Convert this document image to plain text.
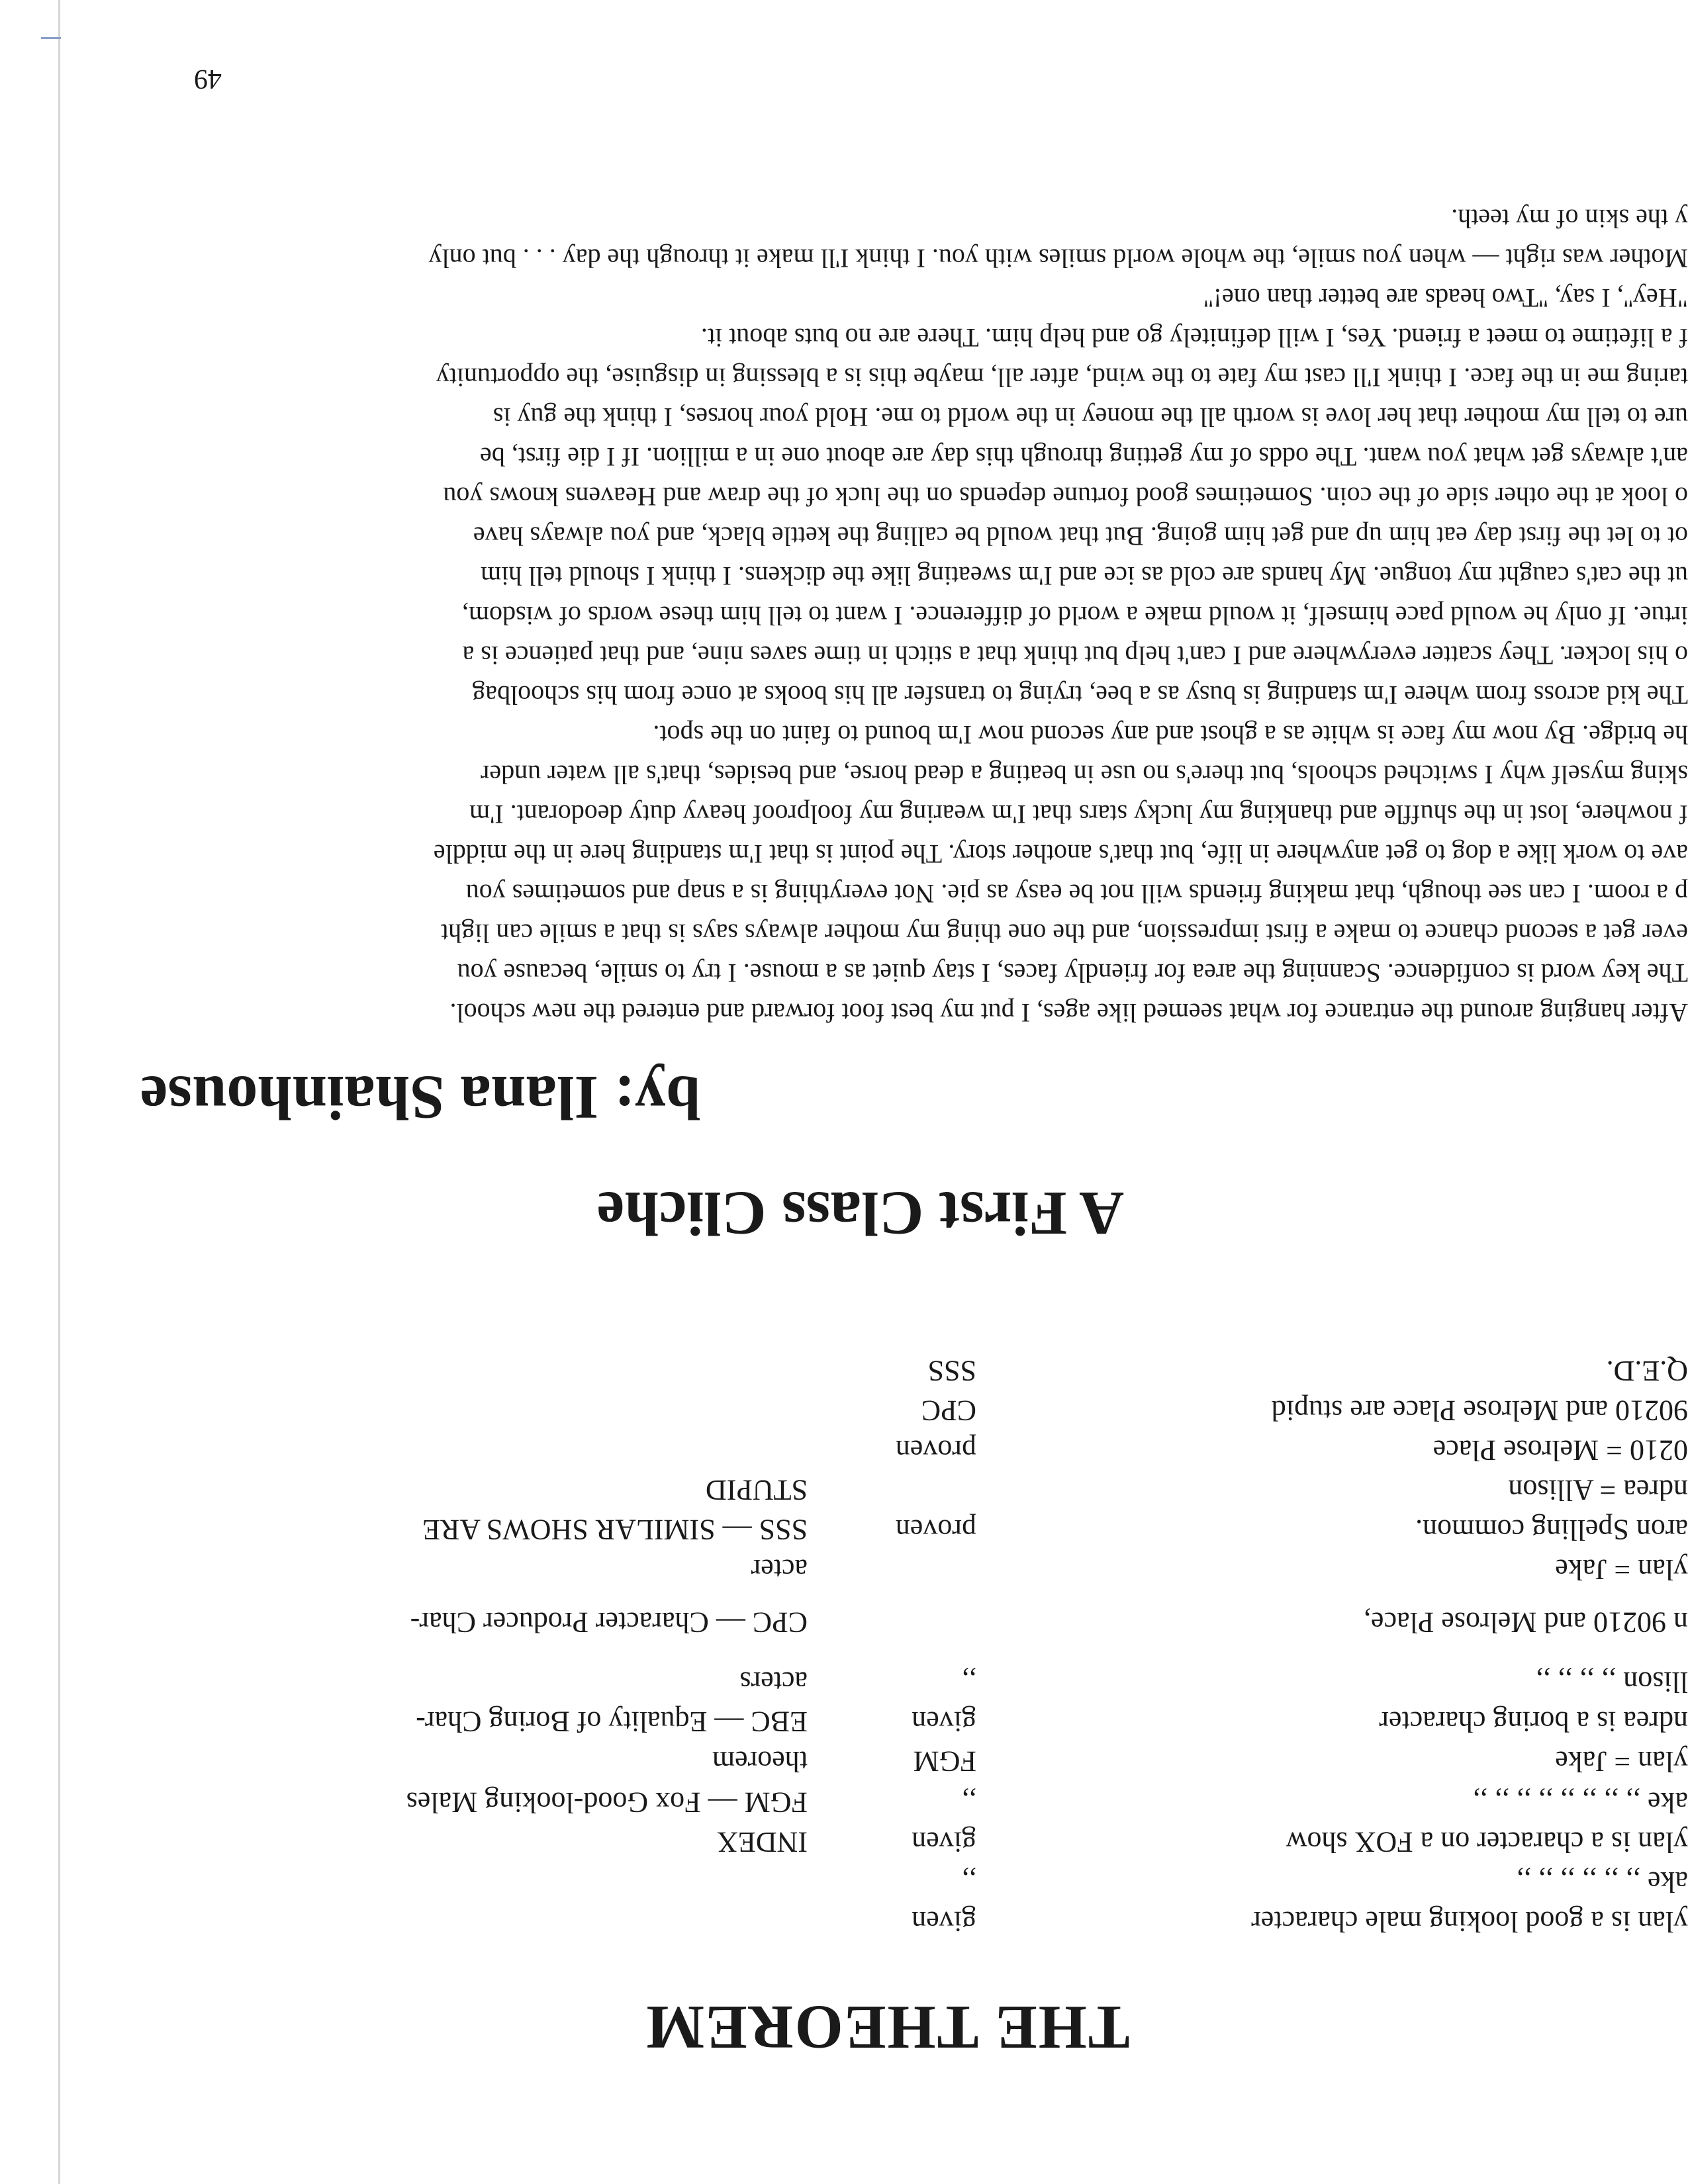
THE THEOREM
ylan is a good looking male character
ake ,, ,, ,, ,, ,, ,,
ylan is a character on a FOX show
ake ,, ,, ,, ,, ,, ,, ,, ,,
ylan = Jake
ndrea is a boring character
llison ,, ,, ,, ,,
n 90210 and Melrose Place,
ylan = Jake
aron Spelling common.
ndrea = Allison
0210 = Melrose Place
90210 and Melrose Place are stupid
Q.E.D.
given
,,
given
,,
FGM
given
,,
proven
proven
CPC
SSS
INDEX
FGM — Fox Good-looking Males
theorem
EBC — Equality of Boring Char-
acters
CPC — Character Producer Char-
acter
SSS — SIMILAR SHOWS ARE
STUPID
A First Class Cliche
by: Ilana Shainhouse
After hanging around the entrance for what seemed like ages, I put my best foot forward and entered the new school.
The key word is confidence. Scanning the area for friendly faces, I stay quiet as a mouse. I try to smile, because you
ever get a second chance to make a first impression, and the one thing my mother always says is that a smile can light
p a room. I can see though, that making friends will not be easy as pie. Not everything is a snap and sometimes you
ave to work like a dog to get anywhere in life, but that's another story. The point is that I'm standing here in the middle
f nowhere, lost in the shuffle and thanking my lucky stars that I'm wearing my foolproof heavy duty deodorant. I'm
sking myself why I switched schools, but there's no use in beating a dead horse, and besides, that's all water under
he bridge. By now my face is white as a ghost and any second now I'm bound to faint on the spot.
The kid across from where I'm standing is busy as a bee, trying to transfer all his books at once from his schoolbag
o his locker. They scatter everywhere and I can't help but think that a stitch in time saves nine, and that patience is a
irtue. If only he would pace himself, it would make a world of difference. I want to tell him these words of wisdom,
ut the cat's caught my tongue. My hands are cold as ice and I'm sweating like the dickens. I think I should tell him
ot to let the first day eat him up and get him going. But that would be calling the kettle black, and you always have
o look at the other side of the coin. Sometimes good fortune depends on the luck of the draw and Heavens knows you
an't always get what you want. The odds of my getting through this day are about one in a million. If I die first, be
ure to tell my mother that her love is worth all the money in the world to me. Hold your horses, I think the guy is
taring me in the face. I think I'll cast my fate to the wind, after all, maybe this is a blessing in disguise, the opportunity
f a lifetime to meet a friend. Yes, I will definitely go and help him. There are no buts about it.
"Hey'', I say, ''Two heads are better than one!''
Mother was right — when you smile, the whole world smiles with you. I think I'll make it through the day . . . but only
y the skin of my teeth.
49
